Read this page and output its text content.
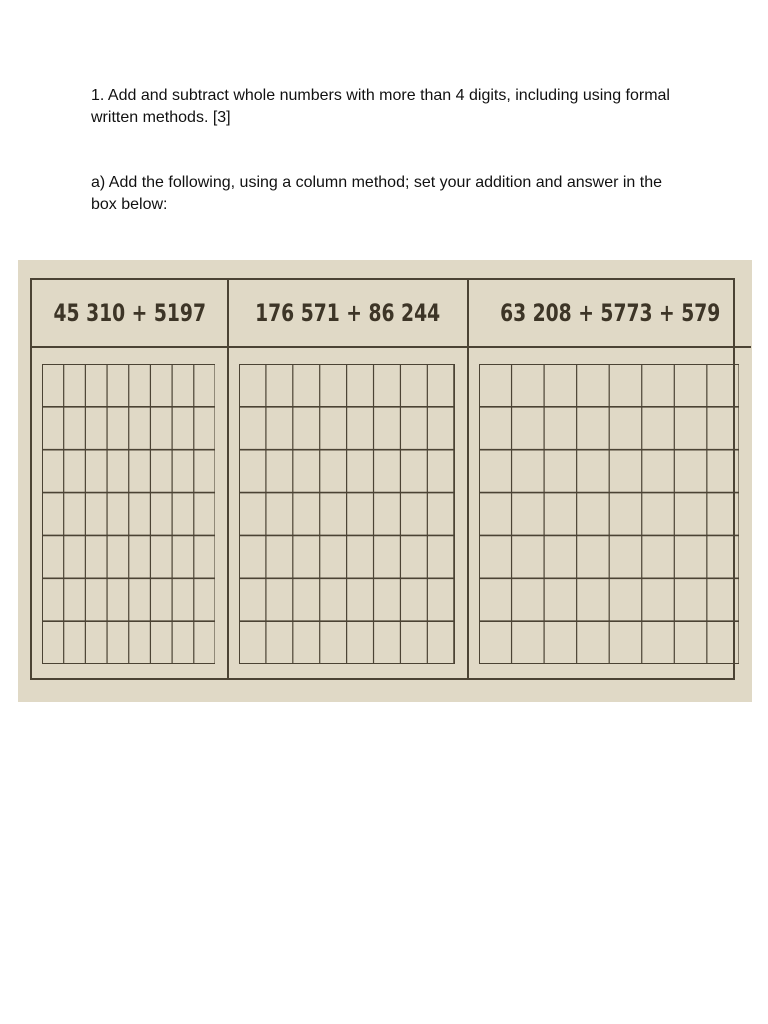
1. Add and subtract whole numbers with more than 4 digits, including using formal written methods. [3]

a) Add the following, using a column method; set your addition and answer in the box below:

45 310 + 5197 176 571 + 86 244 63 208 + 5773 + 579
